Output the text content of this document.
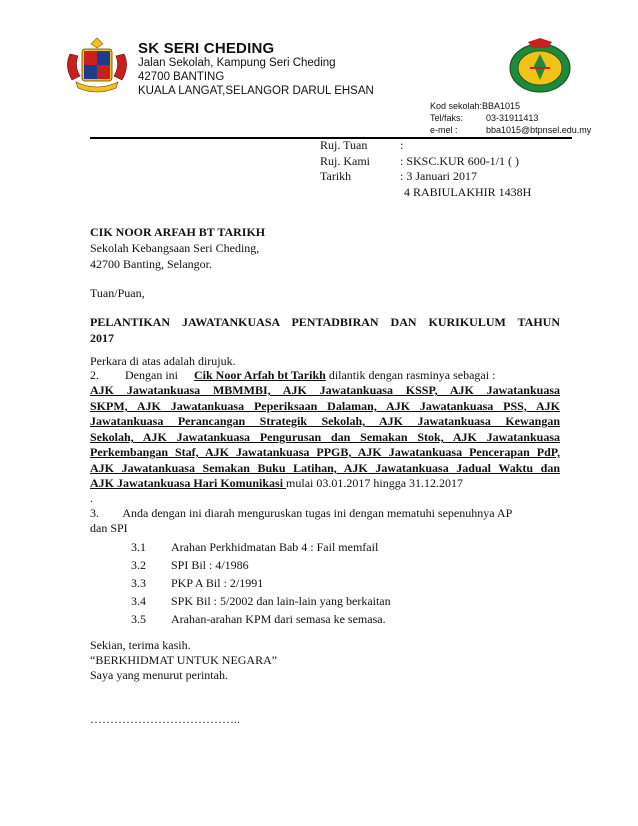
SK SERI CHEDING
Jalan Sekolah, Kampung Seri Cheding
42700 BANTING
KUALA LANGAT,SELANGOR DARUL EHSAN
Kod sekolah:BBA1015
Tel/faks:	03-31911413
e-mel :	bba1015@btpnsel.edu.my
Ruj. Tuan	:
Ruj. Kami	: SKSC.KUR 600-1/1 ( )
Tarikh	: 3 Januari 2017
4 RABIULAKHIR 1438H
CIK NOOR ARFAH BT TARIKH
Sekolah Kebangsaan Seri Cheding,
42700 Banting, Selangor.
Tuan/Puan,
PELANTIKAN JAWATANKUASA PENTADBIRAN DAN KURIKULUM TAHUN
2017
Perkara di atas adalah dirujuk.
2. Dengan ini Cik Noor Arfah bt Tarikh dilantik dengan rasminya sebagai :
AJK Jawatankuasa MBMMBI, AJK Jawatankuasa KSSP, AJK Jawatankuasa
SKPM, AJK Jawatankuasa Peperiksaan Dalaman, AJK Jawatankuasa PSS, AJK
Jawatankuasa Perancangan Strategik Sekolah, AJK Jawatankuasa Kewangan
Sekolah, AJK Jawatankuasa Pengurusan dan Semakan Stok, AJK Jawatankuasa
Perkembangan Staf, AJK Jawatankuasa PPGB, AJK Jawatankuasa Pencerapan PdP,
AJK Jawatankuasa Semakan Buku Latihan, AJK Jawatankuasa Jadual Waktu dan
AJK Jawatankuasa Hari Komunikasi mulai 03.01.2017 hingga 31.12.2017
.
3. Anda dengan ini diarah menguruskan tugas ini dengan mematuhi sepenuhnya AP
dan SPI
3.1 Arahan Perkhidmatan Bab 4 : Fail memfail
3.2 SPI Bil : 4/1986
3.3 PKP A Bil : 2/1991
3.4 SPK Bil : 5/2002 dan lain-lain yang berkaitan
3.5 Arahan-arahan KPM dari semasa ke semasa.
Sekian, terima kasih.
“BERKHIDMAT UNTUK NEGARA”
Saya yang menurut perintah.
………………………………..
